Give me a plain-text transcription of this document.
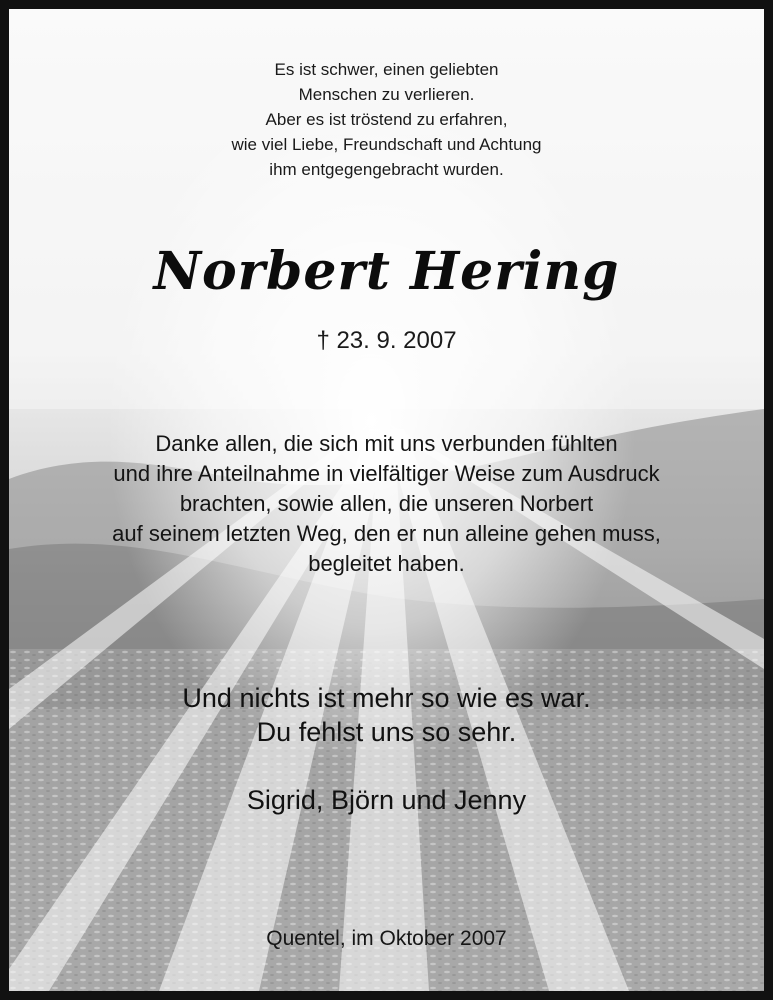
Es ist schwer, einen geliebten
Menschen zu verlieren.
Aber es ist tröstend zu erfahren,
wie viel Liebe, Freundschaft und Achtung
ihm entgegengebracht wurden.
Norbert Hering
† 23. 9. 2007
Danke allen, die sich mit uns verbunden fühlten
und ihre Anteilnahme in vielfältiger Weise zum Ausdruck
brachten, sowie allen, die unseren Norbert
auf seinem letzten Weg, den er nun alleine gehen muss,
begleitet haben.
Und nichts ist mehr so wie es war.
Du fehlst uns so sehr.
Sigrid, Björn und Jenny
Quentel, im Oktober 2007
